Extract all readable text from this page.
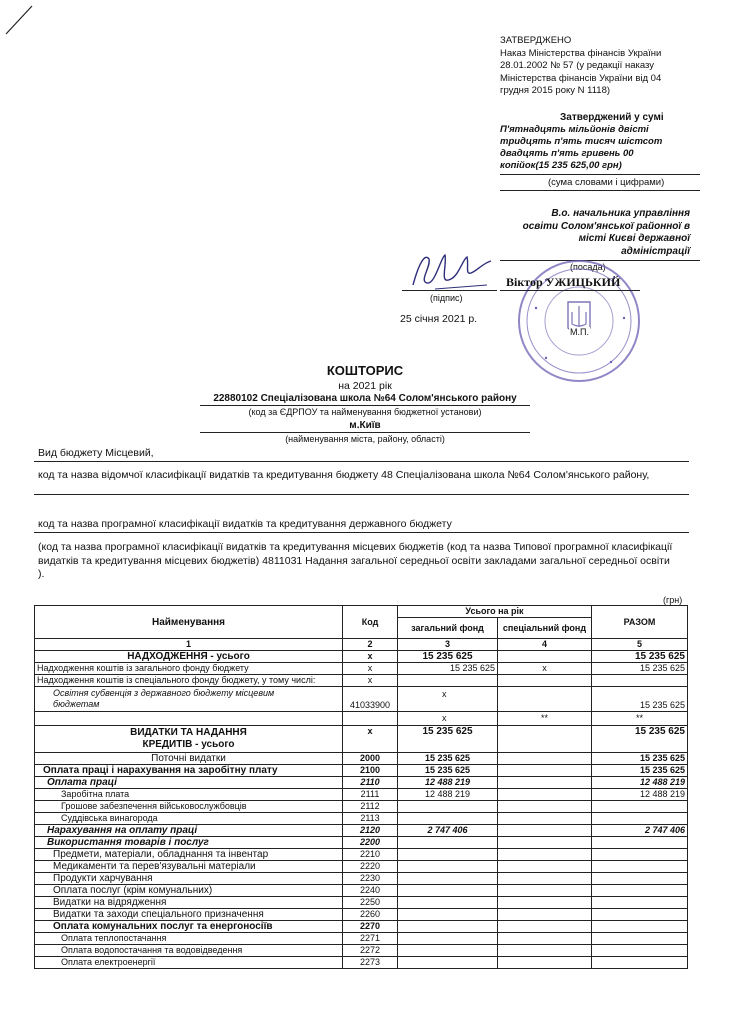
ЗАТВЕРДЖЕНО
Наказ Міністерства фінансів України
28.01.2002 № 57 (у редакції наказу
Міністерства фінансів України від 04
грудня 2015 року N 1118)
Затверджений у сумі
П'ятнадцять мільйонів двісті
тридцять п'ять тисяч шістсот
двадцять п'ять гривень 00
копійок(15 235 625,00 грн)
(сума словами і цифрами)
В.о. начальника управління
освіти Солом'янської районної в
місті Києві державної
адміністрації
(посада)
М.П.
Віктор УЖИЦЬКИЙ
(підпис)
25 січня 2021 р.
КОШТОРИС
на 2021 рік
22880102 Спеціалізована школа №64 Солом'янського району
(код за ЄДРПОУ та найменування бюджетної установи)
м.Київ
(найменування міста, району, області)
Вид бюджету Місцевий,
код та назва відомчої класифікації видатків та кредитування бюджету 48 Спеціалізована школа №64 Солом'янського району,
код та назва програмної класифікації видатків та кредитування державного бюджету
(код та назва програмної класифікації видатків та кредитування місцевих бюджетів (код та назва Типової програмної класифікації видатків та кредитування місцевих бюджетів) 4811031 Надання загальної середньої освіти закладами загальної середньої освіти ).
(грн)
Найменування	Код	Усього на рік		РАЗОМ
		загальний фонд	спеціальний фонд	
1	2	3	4	5
НАДХОДЖЕННЯ - усього	х	15 235 625		15 235 625
Надходження коштів із загального фонду бюджету	х	15 235 625	х	15 235 625
Надходження коштів із спеціального фонду бюджету, у тому числі:	х			

Освітня субвенція з державного бюджету місцевим
бюджетам	41033900	х		15 235 625
		х	**	**

ВИДАТКИ ТА НАДАННЯ
КРЕДИТІВ - усього	х	15 235 625		15 235 625
Поточні видатки	2000	15 235 625		15 235 625
Оплата праці і нарахування на заробітну плату	2100	15 235 625		15 235 625
Оплата праці	2110	12 488 219		12 488 219
Заробітна плата	2111	12 488 219		12 488 219
Грошове забезпечення військовослужбовців	2112			
Суддівська винагорода	2113			
Нарахування на оплату праці	2120	2 747 406		2 747 406
Використання товарів і послуг	2200			
Предмети, матеріали, обладнання та інвентар	2210			
Медикаменти та перев'язувальні матеріали	2220			
Продукти харчування	2230			
Оплата послуг (крім комунальних)	2240			
Видатки на відрядження	2250			
Видатки та заходи спеціального призначення	2260			
Оплата комунальних послуг та енергоносіїв	2270			
Оплата теплопостачання	2271			
Оплата водопостачання та водовідведення	2272			
Оплата електроенергії	2273			
